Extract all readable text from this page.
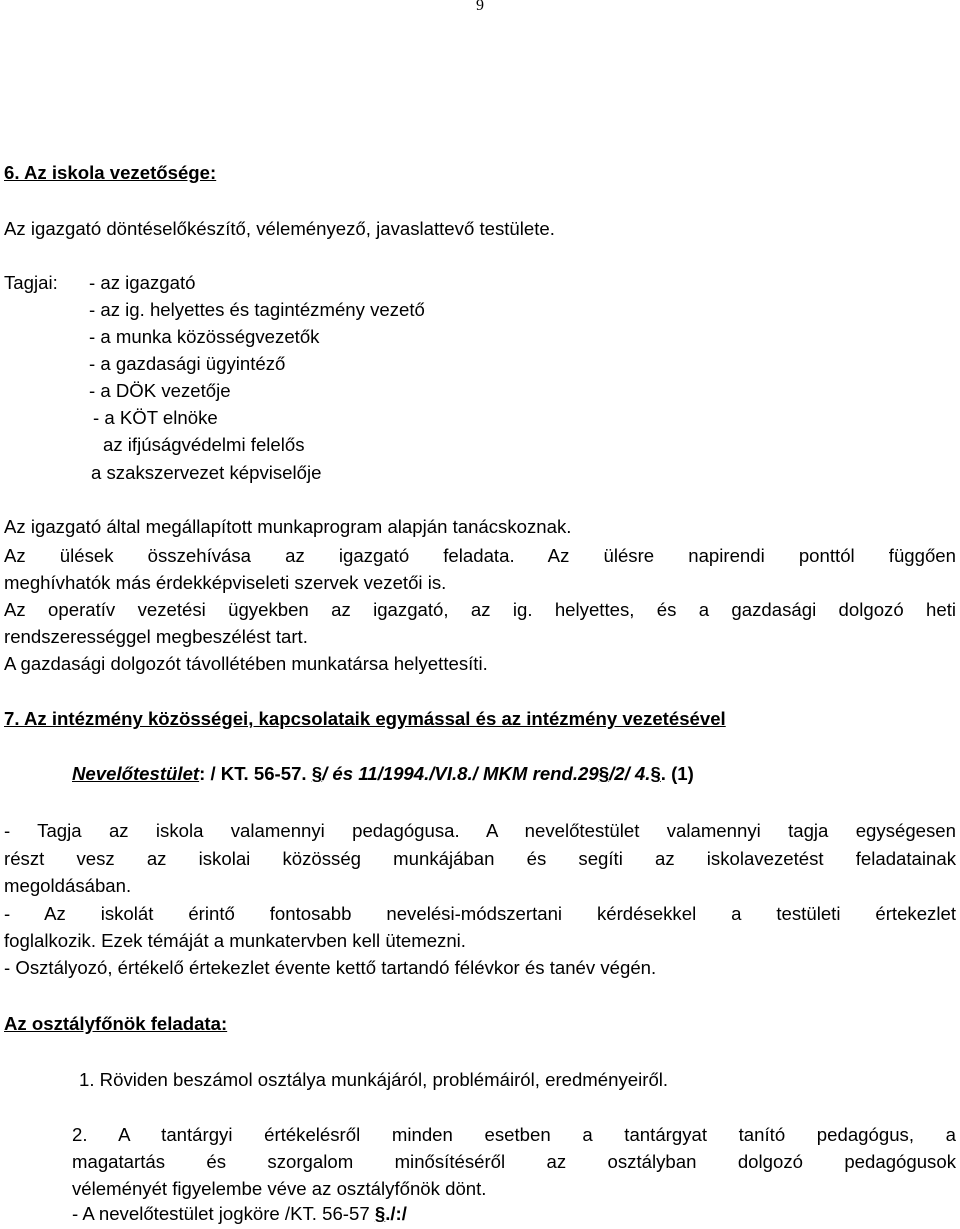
9
6. Az iskola vezetősége:
Az igazgató döntéselőkészítő, véleményező, javaslattevő testülete.
Tagjai: - az igazgató
- az ig. helyettes és tagintézmény vezető
- a munka közösségvezetők
- a gazdasági ügyintéző
- a DÖK vezetője
- a KÖT elnöke
az ifjúságvédelmi felelős
a szakszervezet képviselője
Az igazgató által megállapított munkaprogram alapján tanácskoznak.
Az ülések összehívása az igazgató feladata. Az ülésre napirendi ponttól függően
meghívhatók más érdekképviseleti szervek vezetői is.
Az operatív vezetési ügyekben az igazgató, az ig. helyettes, és a gazdasági dolgozó heti
rendszerességgel megbeszélést tart.
A gazdasági dolgozót távollétében munkatársa helyettesíti.
7. Az intézmény közösségei, kapcsolataik egymással és az intézmény vezetésével
Nevelőtestület: / KT. 56-57. §/ és 11/1994./VI.8./ MKM rend.29§/2/ 4.§. (1)
- Tagja az iskola valamennyi pedagógusa. A nevelőtestület valamennyi tagja egységesen
részt vesz az iskolai közösség munkájában és segíti az iskolavezetést feladatainak
megoldásában.
- Az iskolát érintő fontosabb nevelési-módszertani kérdésekkel a testületi értekezlet
foglalkozik. Ezek témáját a munkatervben kell ütemezni.
- Osztályozó, értékelő értekezlet évente kettő tartandó félévkor és tanév végén.
Az osztályfőnök feladata:
1. Röviden beszámol osztálya munkájáról, problémáiról, eredményeiről.
2. A tantárgyi értékelésről minden esetben a tantárgyat tanító pedagógus, a
magatartás és szorgalom minősítéséről az osztályban dolgozó pedagógusok
véleményét figyelembe véve az osztályfőnök dönt.
- A nevelőtestület jogköre /KT. 56-57 §./:/
